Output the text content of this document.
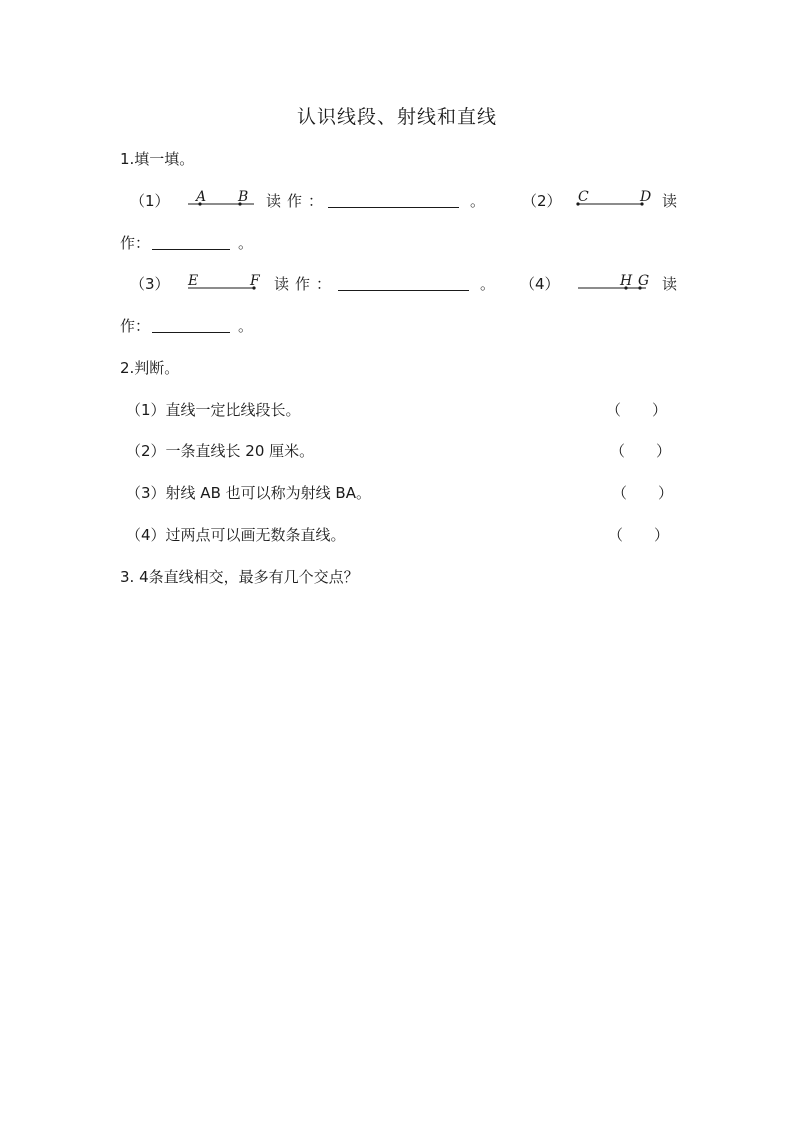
认识线段、射线和直线
1.填一填。
（1） A B 读作：	。 （2） C	D 读
作：	。
（3） E	F 读作：	。 （4）	H G 读
作：	。
2.判断。
（1）直线一定比线段长。	（ ）
（2）一条直线长 20 厘米。	（ ）
（3）射线 AB 也可以称为射线 BA。	（ ）
（4）过两点可以画无数条直线。	（ ）
3. 4条直线相交，最多有几个交点？
